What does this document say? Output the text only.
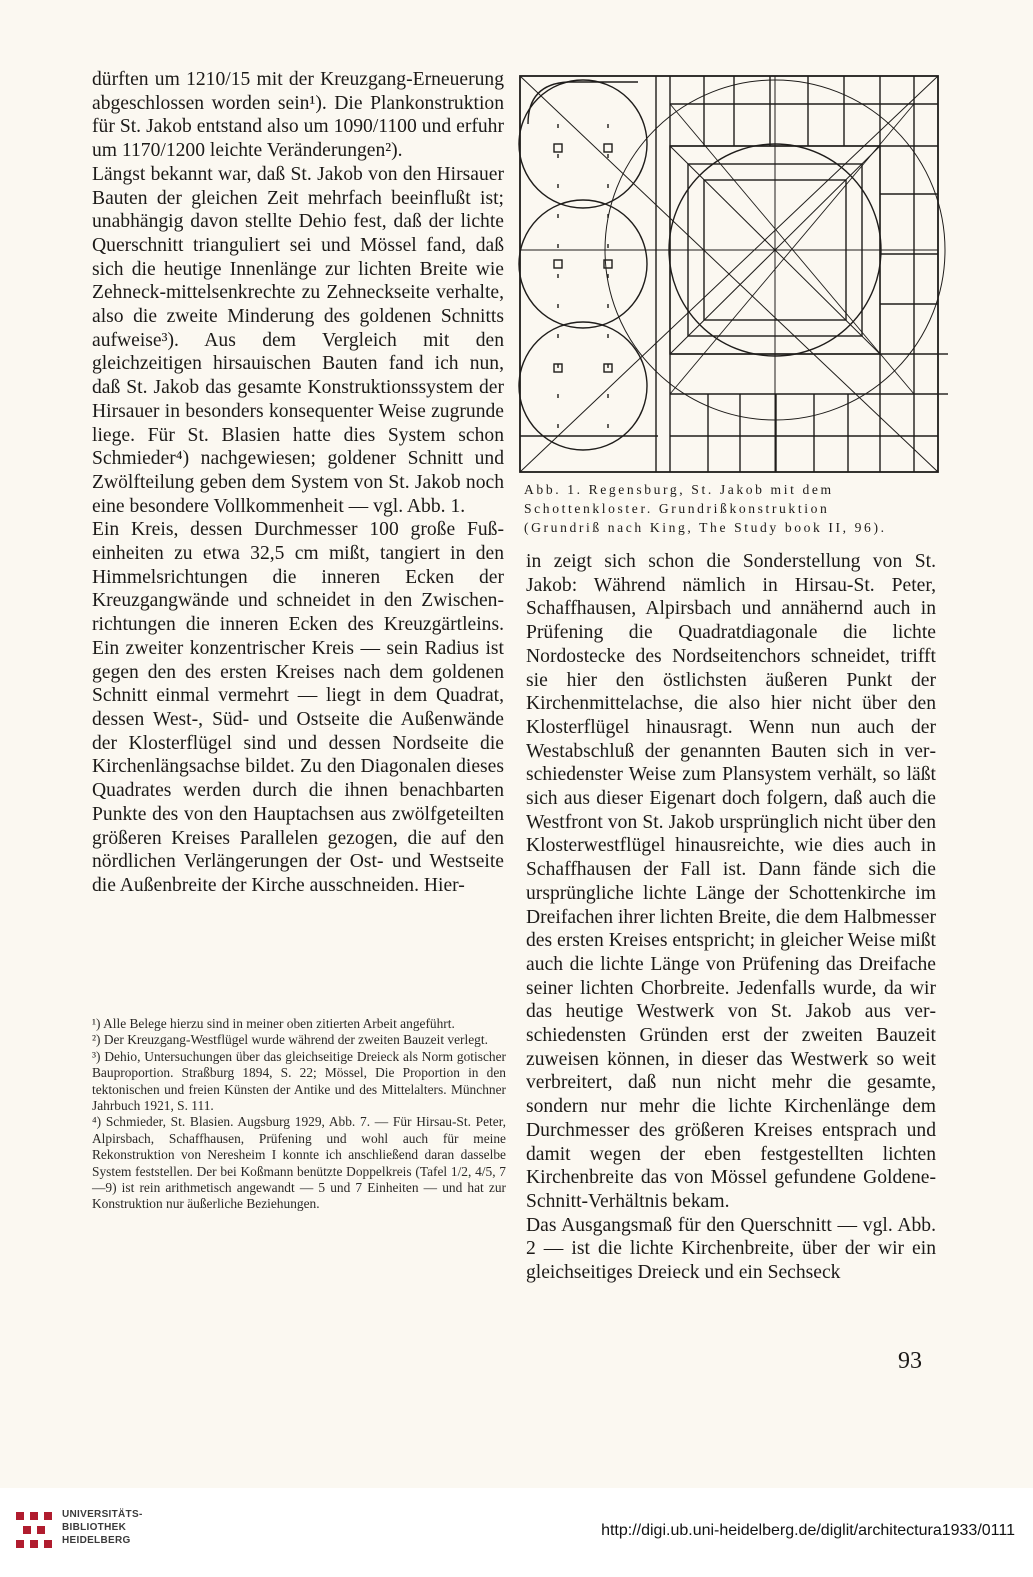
dürften um 1210/15 mit der Kreuzgang-Erneuerung abgeschlossen worden sein¹). Die Plankonstruktion für St. Jakob entstand also um 1090/1100 und erfuhr um 1170/1200 leichte Veränderungen²).

Längst bekannt war, daß St. Jakob von den Hirsauer Bauten der gleichen Zeit mehrfach beeinflußt ist; unabhängig davon stellte Dehio fest, daß der lichte Querschnitt trianguliert sei und Mössel fand, daß sich die heutige Innenlänge zur lichten Breite wie Zehneck-mittelsenkrechte zu Zehneckseite verhalte, also die zweite Minderung des goldenen Schnitts aufweise³). Aus dem Vergleich mit den gleichzeitigen hirsauischen Bauten fand ich nun, daß St. Jakob das gesamte Konstruktionssystem der Hirsauer in besonders konsequenter Weise zugrunde liege. Für St. Blasien hatte dies System schon Schmieder⁴) nachgewiesen; goldener Schnitt und Zwölfteilung geben dem System von St. Jakob noch eine besondere Vollkommenheit — vgl. Abb. 1.

Ein Kreis, dessen Durchmesser 100 große Fußeinheiten zu etwa 32,5 cm mißt, tangiert in den Himmelsrichtungen die inneren Ecken der Kreuzgangwände und schneidet in den Zwischenrichtungen die inneren Ecken des Kreuzgärtleins. Ein zweiter konzentrischer Kreis — sein Radius ist gegen den des ersten Kreises nach dem goldenen Schnitt einmal vermehrt — liegt in dem Quadrat, dessen West-, Süd- und Ostseite die Außenwände der Klosterflügel sind und dessen Nordseite die Kirchenlängsachse bildet. Zu den Diagonalen dieses Quadrates werden durch die ihnen benachbarten Punkte des von den Hauptachsen aus zwölfgeteilten größeren Kreises Parallelen gezogen, die auf den nördlichen Verlängerungen der Ost- und Westseite die Außenbreite der Kirche ausschneiden. Hier-

¹) Alle Belege hierzu sind in meiner oben zitierten Arbeit angeführt.

²) Der Kreuzgang-Westflügel wurde während der zweiten Bauzeit verlegt.

³) Dehio, Untersuchungen über das gleichseitige Dreieck als Norm gotischer Bauproportion. Straßburg 1894, S. 22; Mössel, Die Proportion in den tektonischen und freien Künsten der Antike und des Mittelalters. Münchner Jahrbuch 1921, S. 111.

⁴) Schmieder, St. Blasien. Augsburg 1929, Abb. 7. — Für Hirsau-St. Peter, Alpirsbach, Schaffhausen, Prüfening und wohl auch für meine Rekonstruktion von Neresheim I konnte ich anschließend daran dasselbe System feststellen. Der bei Koßmann benützte Doppelkreis (Tafel 1/2, 4/5, 7—9) ist rein arithmetisch angewandt — 5 und 7 Einheiten — und hat zur Konstruktion nur äußerliche Beziehungen.

Abb. 1. Regensburg, St. Jakob mit dem
Schottenkloster. Grundrißkonstruktion
(Grundriß nach King, The Study book II, 96).

in zeigt sich schon die Sonderstellung von St. Jakob: Während nämlich in Hirsau-St. Peter, Schaffhausen, Alpirsbach und annähernd auch in Prüfening die Quadratdiagonale die lichte Nordostecke des Nordseitenchors schneidet, trifft sie hier den östlichsten äußeren Punkt der Kirchenmittelachse, die also hier nicht über den Klosterflügel hinausragt. Wenn nun auch der Westabschluß der genannten Bauten sich in verschiedenster Weise zum Plansystem verhält, so läßt sich aus dieser Eigenart doch folgern, daß auch die Westfront von St. Jakob ursprünglich nicht über den Klosterwestflügel hinausreichte, wie dies auch in Schaffhausen der Fall ist. Dann fände sich die ursprüngliche lichte Länge der Schottenkirche im Dreifachen ihrer lichten Breite, die dem Halbmesser des ersten Kreises entspricht; in gleicher Weise mißt auch die lichte Länge von Prüfening das Dreifache seiner lichten Chorbreite. Jedenfalls wurde, da wir das heutige Westwerk von St. Jakob aus verschiedensten Gründen erst der zweiten Bauzeit zuweisen können, in dieser das Westwerk so weit verbreitert, daß nun nicht mehr die gesamte, sondern nur mehr die lichte Kirchenlänge dem Durchmesser des größeren Kreises entsprach und damit wegen der eben festgestellten lichten Kirchenbreite das von Mössel gefundene Goldene-Schnitt-Verhältnis bekam.

Das Ausgangsmaß für den Querschnitt — vgl. Abb. 2 — ist die lichte Kirchenbreite, über der wir ein gleichseitiges Dreieck und ein Sechseck

93
UNIVERSITÄTS-
BIBLIOTHEK
HEIDELBERG
http://digi.ub.uni-heidelberg.de/diglit/architectura1933/0111
